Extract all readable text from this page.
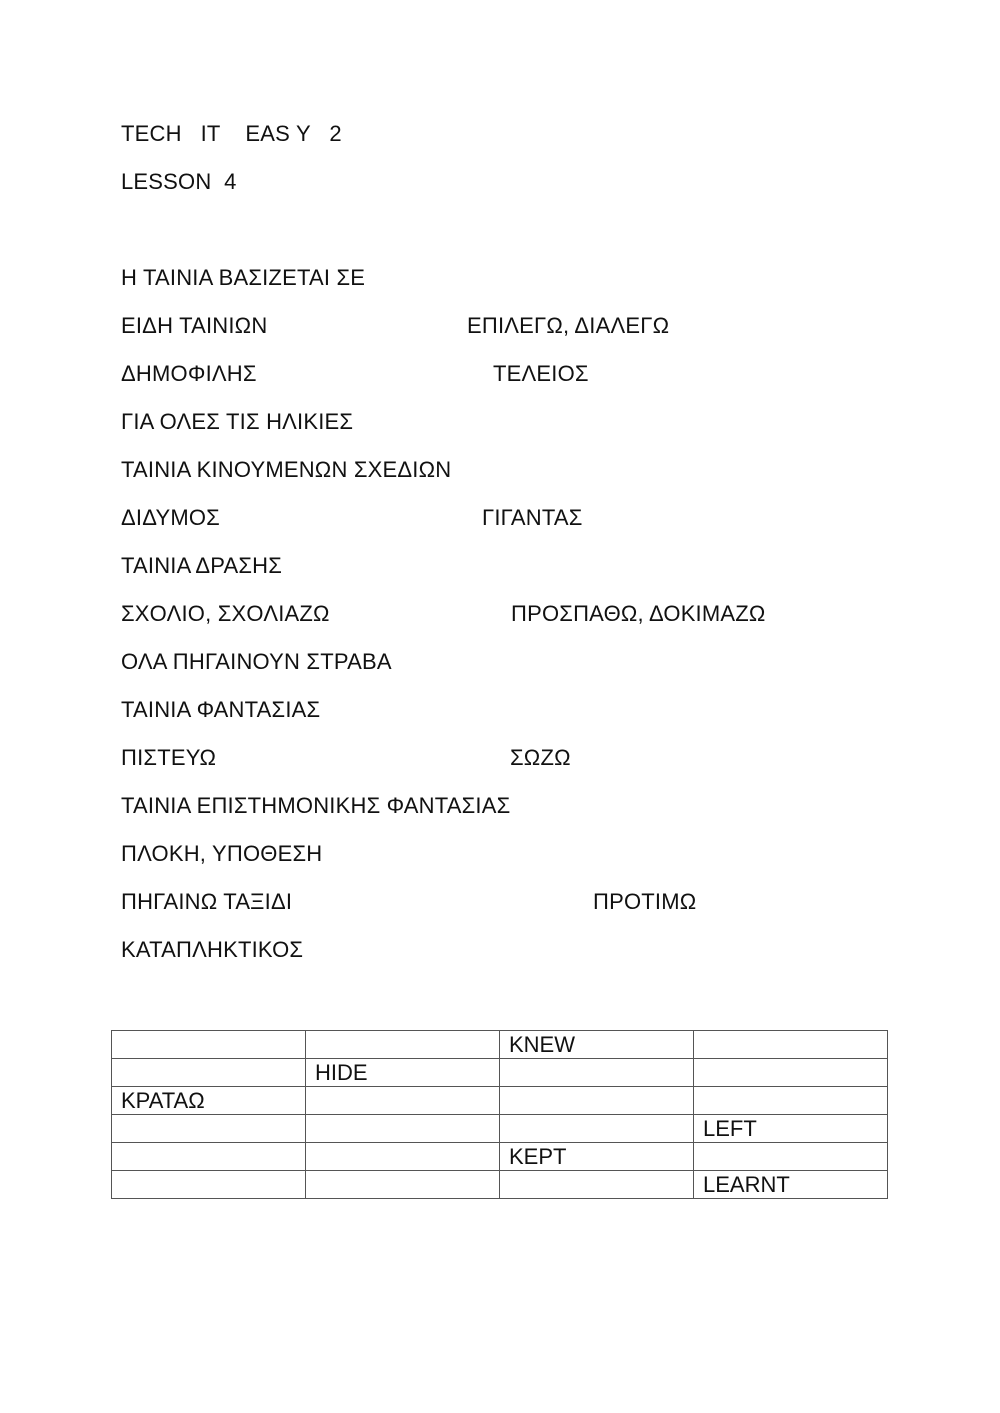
TECH   IT    EAS Y   2
LESSON  4
Η ΤΑΙΝΙΑ ΒΑΣΙΖΕΤΑΙ ΣΕ
ΕΙΔΗ ΤΑΙΝΙΩΝ	ΕΠΙΛΕΓΩ, ΔΙΑΛΕΓΩ
ΔΗΜΟΦΙΛΗΣ	ΤΕΛΕΙΟΣ
ΓΙΑ ΟΛΕΣ ΤΙΣ ΗΛΙΚΙΕΣ
ΤΑΙΝΙΑ ΚΙΝΟΥΜΕΝΩΝ ΣΧΕΔΙΩΝ
ΔΙΔΥΜΟΣ	ΓΙΓΑΝΤΑΣ
ΤΑΙΝΙΑ ΔΡΑΣΗΣ
ΣΧΟΛΙΟ, ΣΧΟΛΙΑΖΩ	ΠΡΟΣΠΑΘΩ, ΔΟΚΙΜΑΖΩ
ΟΛΑ ΠΗΓΑΙΝΟΥΝ ΣΤΡΑΒΑ
ΤΑΙΝΙΑ ΦΑΝΤΑΣΙΑΣ
ΠΙΣΤΕΥΩ	ΣΩΖΩ
ΤΑΙΝΙΑ ΕΠΙΣΤΗΜΟΝΙΚΗΣ ΦΑΝΤΑΣΙΑΣ
ΠΛΟΚΗ, ΥΠΟΘΕΣΗ
ΠΗΓΑΙΝΩ ΤΑΞΙΔΙ	ΠΡΟΤΙΜΩ
ΚΑΤΑΠΛΗΚΤΙΚΟΣ
		KNEW	
	HIDE		
ΚΡΑΤΑΩ			
			LEFT
		KEPT	
			LEARNT
